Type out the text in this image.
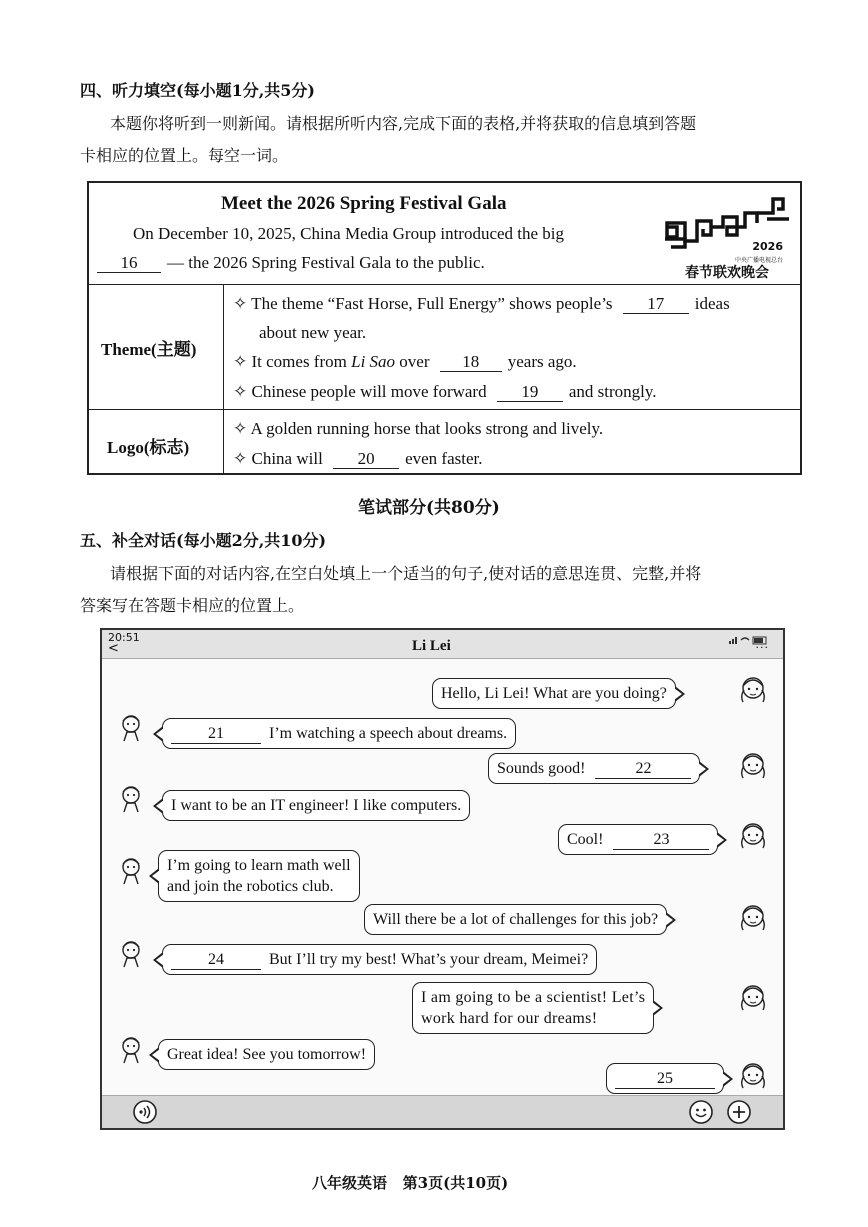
四、听力填空(每小题1分,共5分)
本题你将听到一则新闻。请根据所听内容,完成下面的表格,并将获取的信息填到答题
卡相应的位置上。每空一词。
Meet the 2026 Spring Festival Gala
On December 10, 2025, China Media Group introduced the big
16 — the 2026 Spring Festival Gala to the public.
2026
中央广播电视总台
春节联欢晚会
Theme(主题)
✧ The theme “Fast Horse, Full Energy” shows people’s 17 ideas
about new year.
✧ It comes from Li Sao over 18 years ago.
✧ Chinese people will move forward 19 and strongly.
Logo(标志)
✧ A golden running horse that looks strong and lively.
✧ China will 20 even faster.
笔试部分(共80分)
五、补全对话(每小题2分,共10分)
请根据下面的对话内容,在空白处填上一个适当的句子,使对话的意思连贯、完整,并将
答案写在答题卡相应的位置上。
20:51
<	Li Lei	···
Hello, Li Lei! What are you doing?
21	I’m watching a speech about dreams.
Sounds good!	22
I want to be an IT engineer! I like computers.
Cool!	23
I’m going to learn math well
and join the robotics club.
Will there be a lot of challenges for this job?
24	But I’ll try my best! What’s your dream, Meimei?
I am going to be a scientist! Let’s
work hard for our dreams!
Great idea! See you tomorrow!
25
八年级英语   第3页(共10页)
